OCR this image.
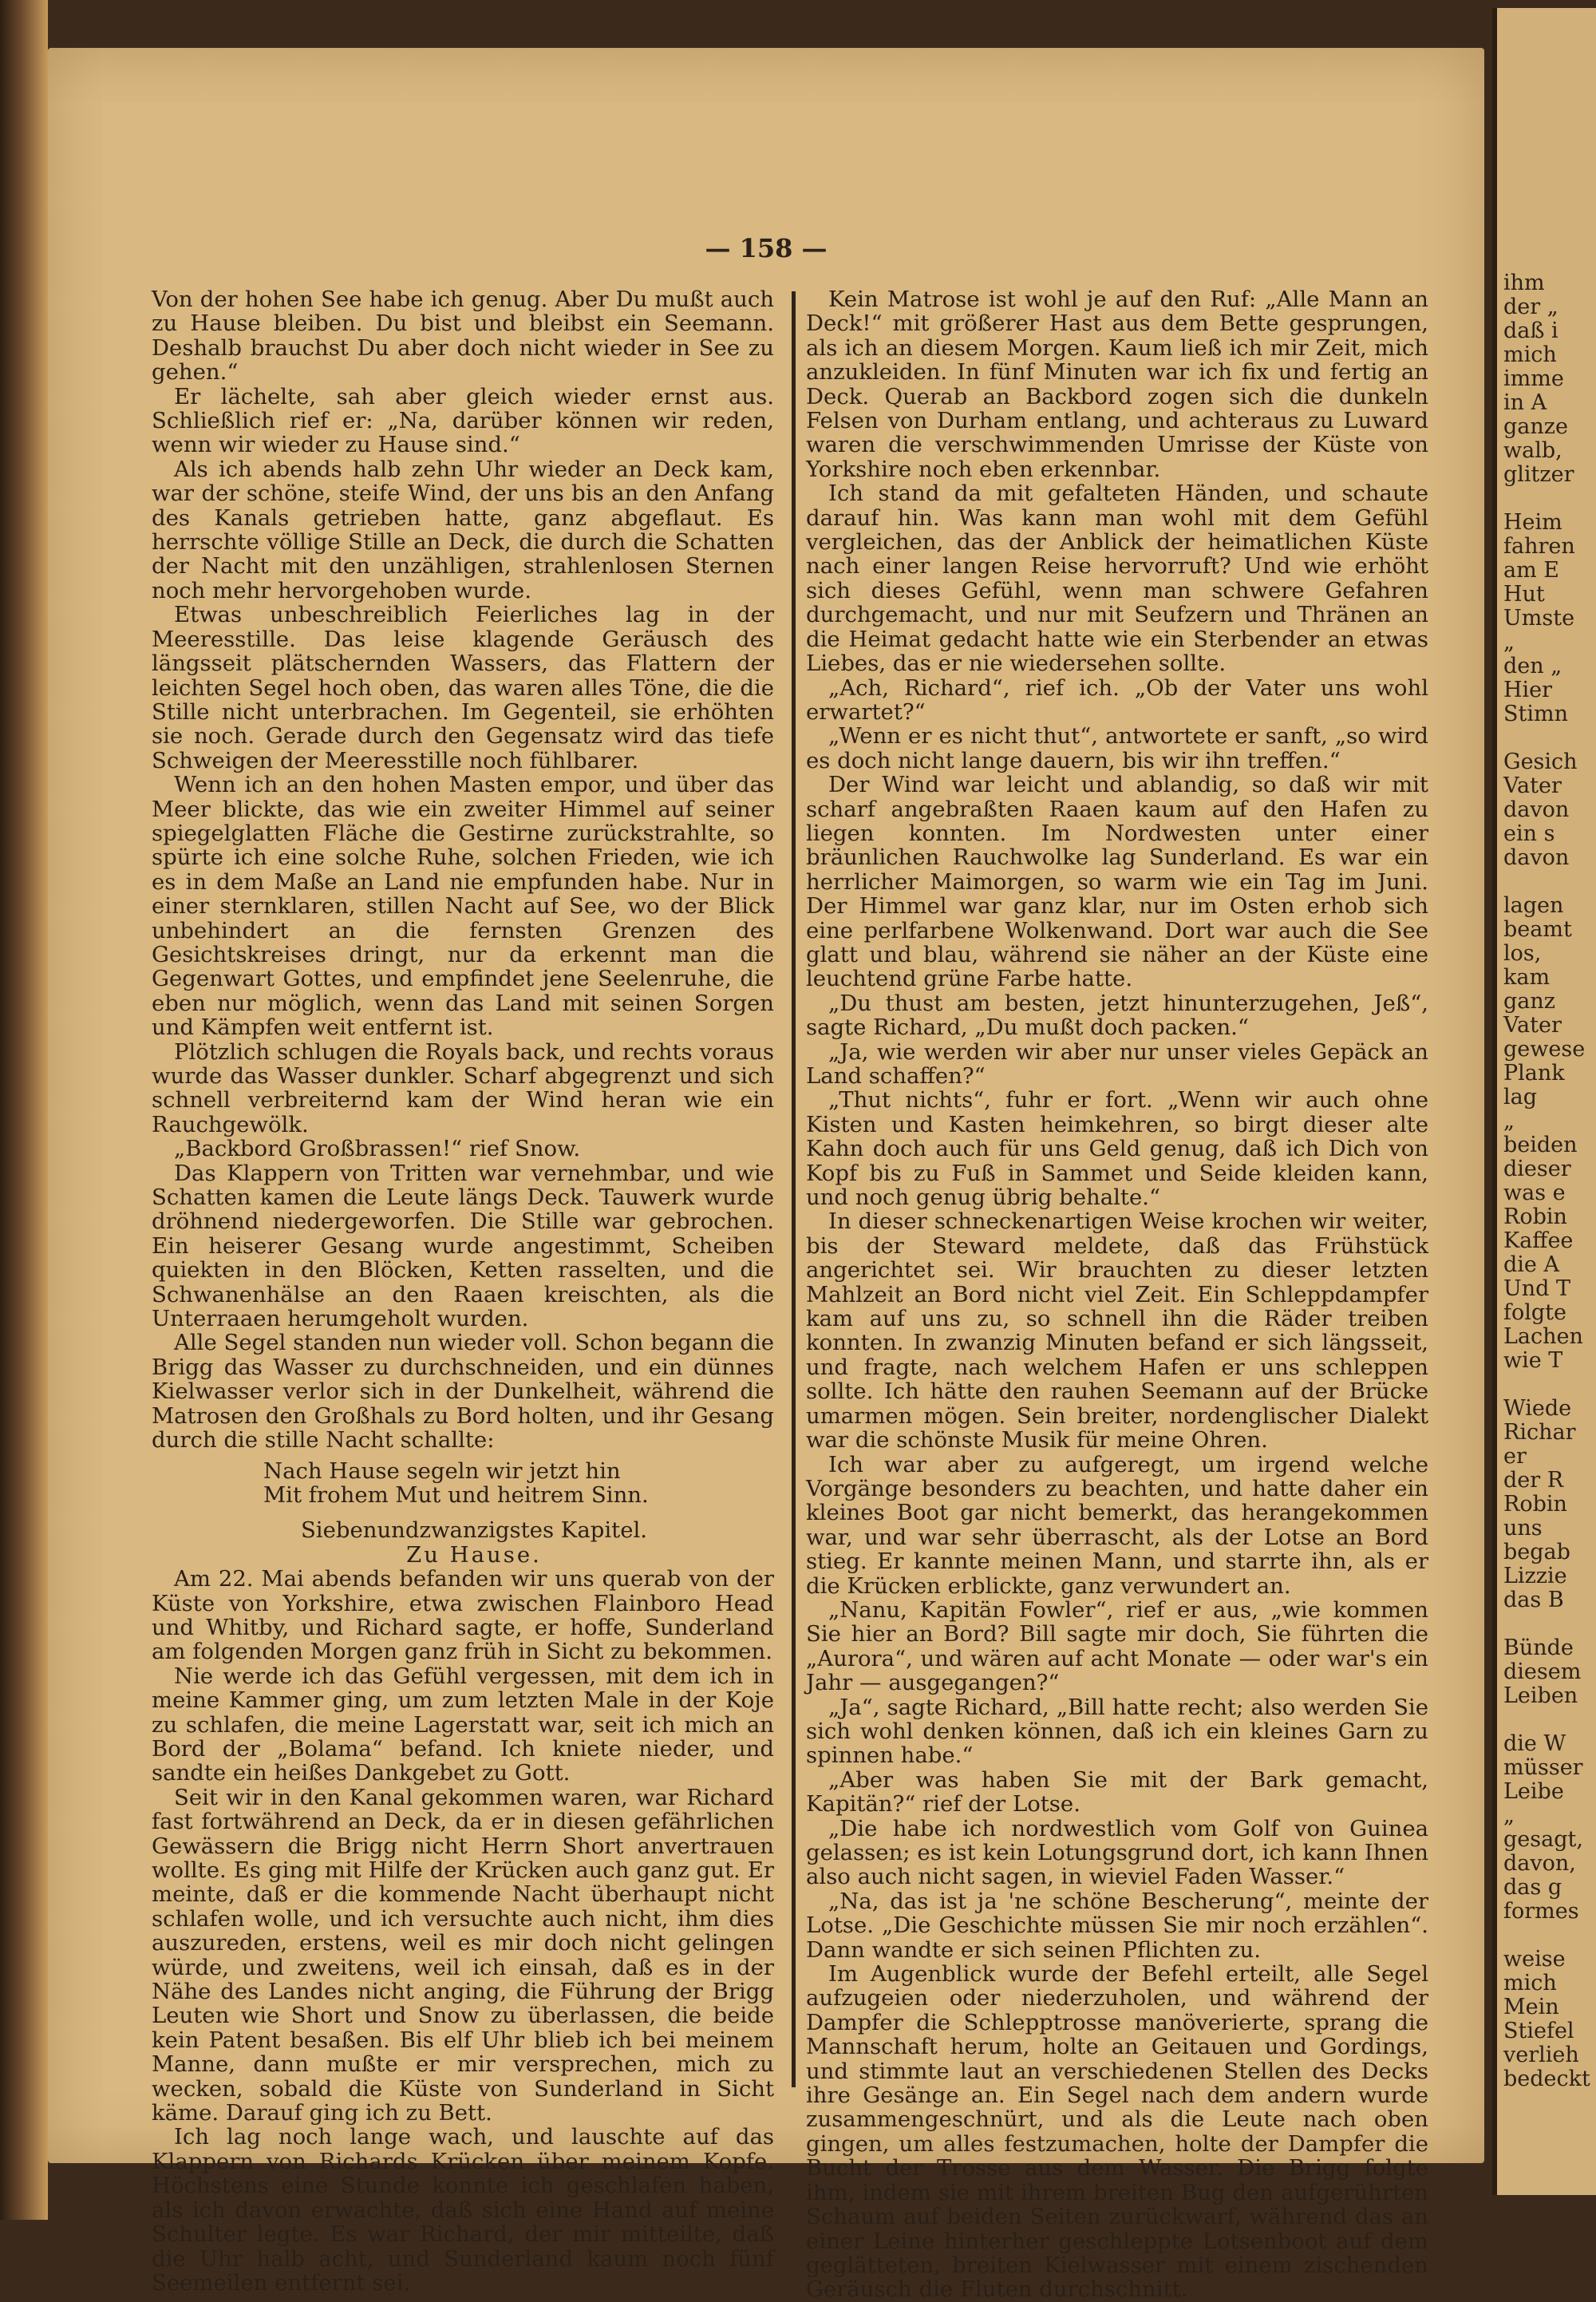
— 158 —

Von der hohen See habe ich genug. Aber Du mußt auch zu Hause bleiben. Du bist und bleibst ein Seemann. Deshalb brauchst Du aber doch nicht wieder in See zu gehen.“

Er lächelte, sah aber gleich wieder ernst aus. Schließlich rief er: „Na, darüber können wir reden, wenn wir wieder zu Hause sind.“

Als ich abends halb zehn Uhr wieder an Deck kam, war der schöne, steife Wind, der uns bis an den Anfang des Kanals getrieben hatte, ganz abgeflaut. Es herrschte völlige Stille an Deck, die durch die Schatten der Nacht mit den unzähligen, strahlenlosen Sternen noch mehr hervorgehoben wurde.

Etwas unbeschreiblich Feierliches lag in der Meeresstille. Das leise klagende Geräusch des längsseit plätschernden Wassers, das Flattern der leichten Segel hoch oben, das waren alles Töne, die die Stille nicht unterbrachen. Im Gegenteil, sie erhöhten sie noch. Gerade durch den Gegensatz wird das tiefe Schweigen der Meeresstille noch fühlbarer.

Wenn ich an den hohen Masten empor, und über das Meer blickte, das wie ein zweiter Himmel auf seiner spiegelglatten Fläche die Gestirne zurückstrahlte, so spürte ich eine solche Ruhe, solchen Frieden, wie ich es in dem Maße an Land nie empfunden habe. Nur in einer sternklaren, stillen Nacht auf See, wo der Blick unbehindert an die fernsten Grenzen des Gesichtskreises dringt, nur da erkennt man die Gegenwart Gottes, und empfindet jene Seelenruhe, die eben nur möglich, wenn das Land mit seinen Sorgen und Kämpfen weit entfernt ist.

Plötzlich schlugen die Royals back, und rechts voraus wurde das Wasser dunkler. Scharf abgegrenzt und sich schnell verbreiternd kam der Wind heran wie ein Rauchgewölk.

„Backbord Großbrassen!“ rief Snow.

Das Klappern von Tritten war vernehmbar, und wie Schatten kamen die Leute längs Deck. Tauwerk wurde dröhnend niedergeworfen. Die Stille war gebrochen. Ein heiserer Gesang wurde angestimmt, Scheiben quiekten in den Blöcken, Ketten rasselten, und die Schwanenhälse an den Raaen kreischten, als die Unterraaen herumgeholt wurden.

Alle Segel standen nun wieder voll. Schon begann die Brigg das Wasser zu durchschneiden, und ein dünnes Kielwasser verlor sich in der Dunkelheit, während die Matrosen den Großhals zu Bord holten, und ihr Gesang durch die stille Nacht schallte:

Nach Hause segeln wir jetzt hin
Mit frohem Mut und heitrem Sinn.

Siebenundzwanzigstes Kapitel.

Zu Hause.

Am 22. Mai abends befanden wir uns querab von der Küste von Yorkshire, etwa zwischen Flainboro Head und Whitby, und Richard sagte, er hoffe, Sunderland am folgenden Morgen ganz früh in Sicht zu bekommen.

Nie werde ich das Gefühl vergessen, mit dem ich in meine Kammer ging, um zum letzten Male in der Koje zu schlafen, die meine Lagerstatt war, seit ich mich an Bord der „Bolama“ befand. Ich kniete nieder, und sandte ein heißes Dankgebet zu Gott.

Seit wir in den Kanal gekommen waren, war Richard fast fortwährend an Deck, da er in diesen gefährlichen Gewässern die Brigg nicht Herrn Short anvertrauen wollte. Es ging mit Hilfe der Krücken auch ganz gut. Er meinte, daß er die kommende Nacht überhaupt nicht schlafen wolle, und ich versuchte auch nicht, ihm dies auszureden, erstens, weil es mir doch nicht gelingen würde, und zweitens, weil ich einsah, daß es in der Nähe des Landes nicht anging, die Führung der Brigg Leuten wie Short und Snow zu überlassen, die beide kein Patent besaßen. Bis elf Uhr blieb ich bei meinem Manne, dann mußte er mir versprechen, mich zu wecken, sobald die Küste von Sunderland in Sicht käme. Darauf ging ich zu Bett.

Ich lag noch lange wach, und lauschte auf das Klappern von Richards Krücken über meinem Kopfe. Höchstens eine Stunde konnte ich geschlafen haben, als ich davon erwachte, daß sich eine Hand auf meine Schulter legte. Es war Richard, der mir mitteilte, daß die Uhr halb acht, und Sunderland kaum noch fünf Seemeilen entfernt sei.

Kein Matrose ist wohl je auf den Ruf: „Alle Mann an Deck!“ mit größerer Hast aus dem Bette gesprungen, als ich an diesem Morgen. Kaum ließ ich mir Zeit, mich anzukleiden. In fünf Minuten war ich fix und fertig an Deck. Querab an Backbord zogen sich die dunkeln Felsen von Durham entlang, und achteraus zu Luward waren die verschwimmenden Umrisse der Küste von Yorkshire noch eben erkennbar.

Ich stand da mit gefalteten Händen, und schaute darauf hin. Was kann man wohl mit dem Gefühl vergleichen, das der Anblick der heimatlichen Küste nach einer langen Reise hervorruft? Und wie erhöht sich dieses Gefühl, wenn man schwere Gefahren durchgemacht, und nur mit Seufzern und Thränen an die Heimat gedacht hatte wie ein Sterbender an etwas Liebes, das er nie wiedersehen sollte.

„Ach, Richard“, rief ich. „Ob der Vater uns wohl erwartet?“

„Wenn er es nicht thut“, antwortete er sanft, „so wird es doch nicht lange dauern, bis wir ihn treffen.“

Der Wind war leicht und ablandig, so daß wir mit scharf angebraßten Raaen kaum auf den Hafen zu liegen konnten. Im Nordwesten unter einer bräunlichen Rauchwolke lag Sunderland. Es war ein herrlicher Maimorgen, so warm wie ein Tag im Juni. Der Himmel war ganz klar, nur im Osten erhob sich eine perlfarbene Wolkenwand. Dort war auch die See glatt und blau, während sie näher an der Küste eine leuchtend grüne Farbe hatte.

„Du thust am besten, jetzt hinunterzugehen, Jeß“, sagte Richard, „Du mußt doch packen.“

„Ja, wie werden wir aber nur unser vieles Gepäck an Land schaffen?“

„Thut nichts“, fuhr er fort. „Wenn wir auch ohne Kisten und Kasten heimkehren, so birgt dieser alte Kahn doch auch für uns Geld genug, daß ich Dich von Kopf bis zu Fuß in Sammet und Seide kleiden kann, und noch genug übrig behalte.“

In dieser schneckenartigen Weise krochen wir weiter, bis der Steward meldete, daß das Frühstück angerichtet sei. Wir brauchten zu dieser letzten Mahlzeit an Bord nicht viel Zeit. Ein Schleppdampfer kam auf uns zu, so schnell ihn die Räder treiben konnten. In zwanzig Minuten befand er sich längsseit, und fragte, nach welchem Hafen er uns schleppen sollte. Ich hätte den rauhen Seemann auf der Brücke umarmen mögen. Sein breiter, nordenglischer Dialekt war die schönste Musik für meine Ohren.

Ich war aber zu aufgeregt, um irgend welche Vorgänge besonders zu beachten, und hatte daher ein kleines Boot gar nicht bemerkt, das herangekommen war, und war sehr überrascht, als der Lotse an Bord stieg. Er kannte meinen Mann, und starrte ihn, als er die Krücken erblickte, ganz verwundert an.

„Nanu, Kapitän Fowler“, rief er aus, „wie kommen Sie hier an Bord? Bill sagte mir doch, Sie führten die „Aurora“, und wären auf acht Monate — oder war's ein Jahr — ausgegangen?“

„Ja“, sagte Richard, „Bill hatte recht; also werden Sie sich wohl denken können, daß ich ein kleines Garn zu spinnen habe.“

„Aber was haben Sie mit der Bark gemacht, Kapitän?“ rief der Lotse.

„Die habe ich nordwestlich vom Golf von Guinea gelassen; es ist kein Lotungsgrund dort, ich kann Ihnen also auch nicht sagen, in wieviel Faden Wasser.“

„Na, das ist ja 'ne schöne Bescherung“, meinte der Lotse. „Die Geschichte müssen Sie mir noch erzählen“. Dann wandte er sich seinen Pflichten zu.

Im Augenblick wurde der Befehl erteilt, alle Segel aufzugeien oder niederzuholen, und während der Dampfer die Schlepptrosse manöverierte, sprang die Mannschaft herum, holte an Geitauen und Gordings, und stimmte laut an verschiedenen Stellen des Decks ihre Gesänge an. Ein Segel nach dem andern wurde zusammengeschnürt, und als die Leute nach oben gingen, um alles festzumachen, holte der Dampfer die Bucht der Trosse aus dem Wasser. Die Brigg folgte ihm, indem sie mit ihrem breiten Bug den aufgerührten Schaum auf beiden Seiten zurückwarf, während das an einer Leine hinterher geschleppte Lotsenboot auf dem geglätteten, breiten Kielwasser mit einem zischenden Geräusch die Fluten durchschnitt.

ihm
der „
daß i
mich
imme
in A
ganze
walb,
glitzer

Heim
fahren
am E
Hut
Umste
„
den „
Hier
Stimn

Gesich
Vater
davon
ein s
davon

lagen
beamt
los,
kam
ganz
Vater
gewese
Plank
lag
„
beiden
dieser
was e
Robin
Kaffee
die A
Und T
folgte
Lachen
wie T

Wiede
Richar
er
der R
Robin
uns
begab
Lizzie
das B

Bünde
diesem
Leiben

die W
müsser
Leibe
„
gesagt,
davon,
das g
formes

weise
mich
Mein
Stiefel
verlieh
bedeckt
